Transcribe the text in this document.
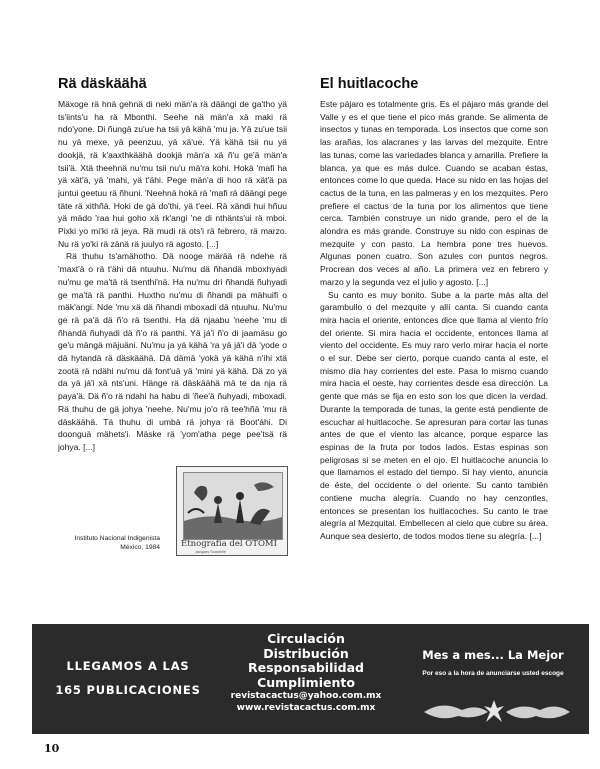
Rä däskäähä

Mäxoge rä hnä gehnä di neki män'a rä däängi de ga'tho yä ts'iints'u ha rä Mbonthi. Seehe nä män'a xä maki rä ndo'yone. Di ñungä zu'ue ha tsii yä kähä 'mu ja. Yä zu'ue tsii nu yä mexe, yä peenzuu, yä xä'ue. Yä kähä tsii nu yä dookjä, rä k'aaxthkäähä dookjä män'a xä ñ'u ge'ä män'a tsii'ä. Xtä theehnä nu'mu tsii nu'u mä'ra kohi. Hokä 'mafi ha yä xät'ä, yä 'mahi, yä t'ähi. Pege män'a di hoo rä xät'ä pa juntui geetuu rä ñhuni. 'Neehnä hokä rä 'mafi rä däängi pege täte rä xithñä. Hoki de gä do'thi, yä t'eei. Rä xändi hui hñuu yä mädo 'raa hui goho xä rk'angi 'ne di nthänts'ui rä mboi. Pixki yo mi'ki rä jeya. Rä mudi rä ots'i rä febrero, rä marzo. Nu rä yo'ki rä zänä rä juulyo rä agosto. [...]

Rä thuhu ts'amähotho. Dä nooge märää rä ndehe rä 'maxt'ä o rä t'ähi dä ntuuhu. Nu'mu dä ñhandä mboxhyadi nu'mu ge ma'tä rä tsenthi'nä. Ha nu'mu dri ñhandä ñuhyadi ge ma'tä rä panthi. Huxtho nu'mu di ñhandi pa mähuifi o mäk'angi. Nde 'mu xä dä ñhandi mboxadi dä ntuuhu. Nu'mu ge rä pa'ä dä ñ'o rä tsenthi. Ha dä njaabu 'neehe 'mu di ñhandä ñuhyadi dä ñ'o rä panthi. Yä já'i ñ'o di jaamäsu go ge'u mängä mäjuäni. Nu'mu ja yä kähä 'ra yä já'i dä 'yode o dä hytandä rä däskäähä. Dä dämä 'yokä yä kähä n'ihi xtä zootä rä ndähi nu'mu dä font'uä yä 'mini yä kähä. Dä zo yä da yä já'i xä nts'uni. Hänge rä däskäähä mä te da nja rä paya'ä. Dä ñ'o rä ndahi ha habu di 'ñee'ä ñuhyadi, mboxadi. Rä thuhu de gä johya 'neehe. Nu'mu jo'o rä tee'hñä 'mu rä däskäähä. Tä thuhu di umbä rä johya rä Boot'áhi. Di doonguä mähets'i. Mäske rä 'yom'atha pege pee'tsä rä johya. [...]

El huitlacoche

Este pájaro es totalmente gris. Es el pájaro más grande del Valle y es el que tiene el pico más grande. Se alimenta de insectos y tunas en temporada. Los insectos que come son las arañas, los alacranes y las larvas del mezquite. Entre las tunas, come las variedades blanca y amarilla. Prefiere la blanca, ya que es más dulce. Cuando se acaban éstas, entonces come lo que queda. Hace su nido en las hojas del cactus de la tuna, en las palmeras y en los mezquites. Pero prefiere el cactus de la tuna por los alimentos que tiene cerca. También construye un nido grande, pero el de la alondra es más grande. Construye su nido con espinas de mezquite y con pasto. La hembra pone tres huevos. Algunas ponen cuatro. Son azules con puntos negros. Procrean dos veces al año. La primera vez en febrero y marzo y la segunda vez el julio y agosto. [...]

Su canto es muy bonito. Sube a la parte más alta del garambullo o del mezquite y allí canta. Si cuando canta mira hacia el oriente, entonces dice que llama al viento frío del oriente. Si mira hacia el occidente, entonces llama al viento del occidente. Es muy raro verlo mirar hacia el norte o el sur. Debe ser cierto, porque cuando canta al este, el mismo día hay corrientes del este. Pasa lo mismo cuando mira hacia el oeste, hay corrientes desde esa dirección. La gente que más se fija en esto son los que dicen la verdad. Durante la temporada de tunas, la gente está pendiente de escuchar al huitlacoche. Se apresuran para cortar las tunas antes de que el viento las alcance, porque esparce las espinas de la fruta por todos lados. Estas espinas son peligrosas si se meten en el ojo. El huitlacoche anuncia lo que llamamos el estado del tiempo. Si hay viento, anuncia de éste, del occidente o del oriente. Su canto también contiene mucha alegría. Cuando no hay cenzontles, entonces se presentan los huitlacoches. Su canto le trae alegría al Mezquital. Embellecen al cielo que cubre su área. Aunque sea desierto, de todos modos tiene su alegría. [...]

Instituto Nacional Indigenista
México, 1984 Etnografía del OTOMÍ
Jacques Soustelle
LLEGAMOS A LAS
165 PUBLICACIONES
Circulación
Distribución
Responsabilidad
Cumplimiento
revistacactus@yahoo.com.mx
www.revistacactus.com.mx
Mes a mes... La Mejor
Por eso a la hora de anunciarse usted escoge
10
